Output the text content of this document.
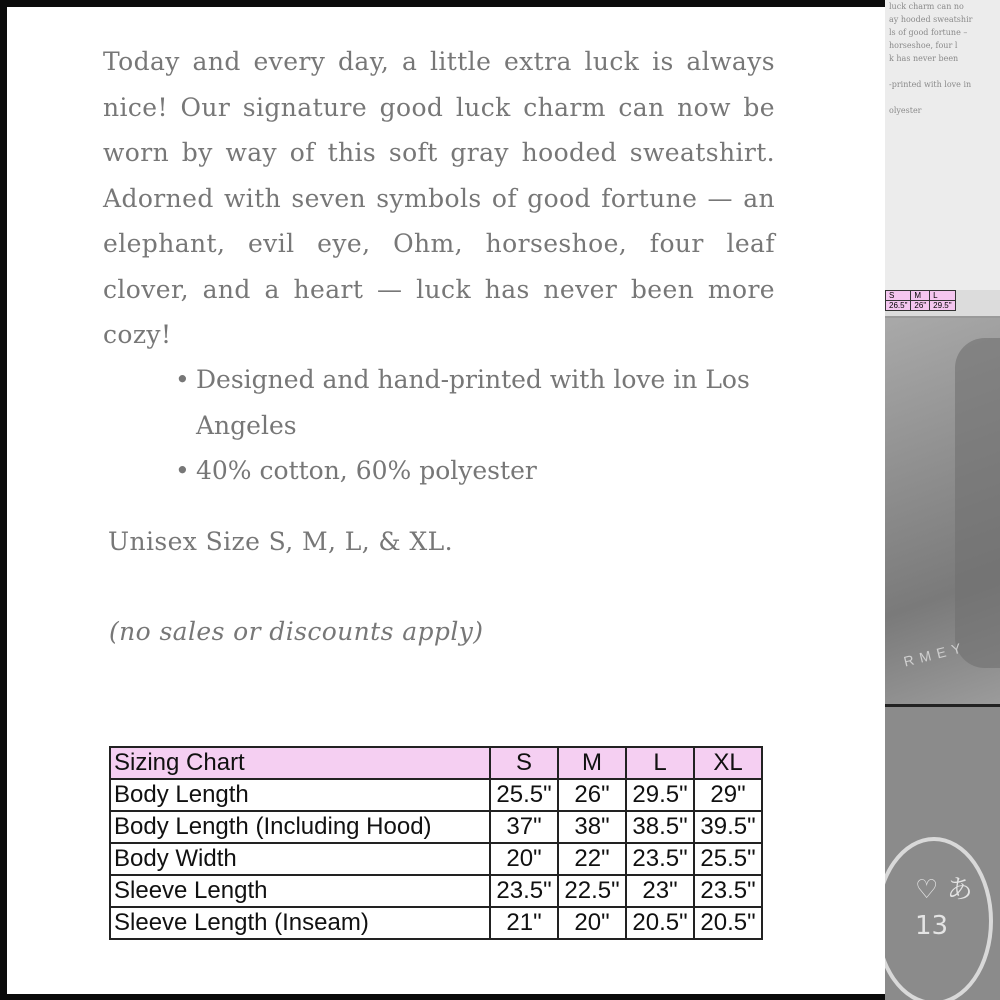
Today and every day, a little extra luck is always nice! Our signature good luck charm can now be worn by way of this soft gray hooded sweatshirt. Adorned with seven symbols of good fortune — an elephant, evil eye, Ohm, horseshoe, four leaf clover, and a heart — luck has never been more cozy!

• Designed and hand-printed with love in Los Angeles
• 40% cotton, 60% polyester

Unisex Size S, M, L, & XL.

(no sales or discounts apply)

Sizing Chart	S	M	L	XL
Body Length	25.5"	26"	29.5"	29"
Body Length (Including Hood)	37"	38"	38.5"	39.5"
Body Width	20"	22"	23.5"	25.5"
Sleeve Length	23.5"	22.5"	23"	23.5"
Sleeve Length (Inseam)	21"	20"	20.5"	20.5"

luck charm can no

ay hooded sweatshir

ls of good fortune –

horseshoe, four l

k has never been

-printed with love in

olyester

S	M	L
26.5"	26"	29.5"
RMEY
♡ あ 13
